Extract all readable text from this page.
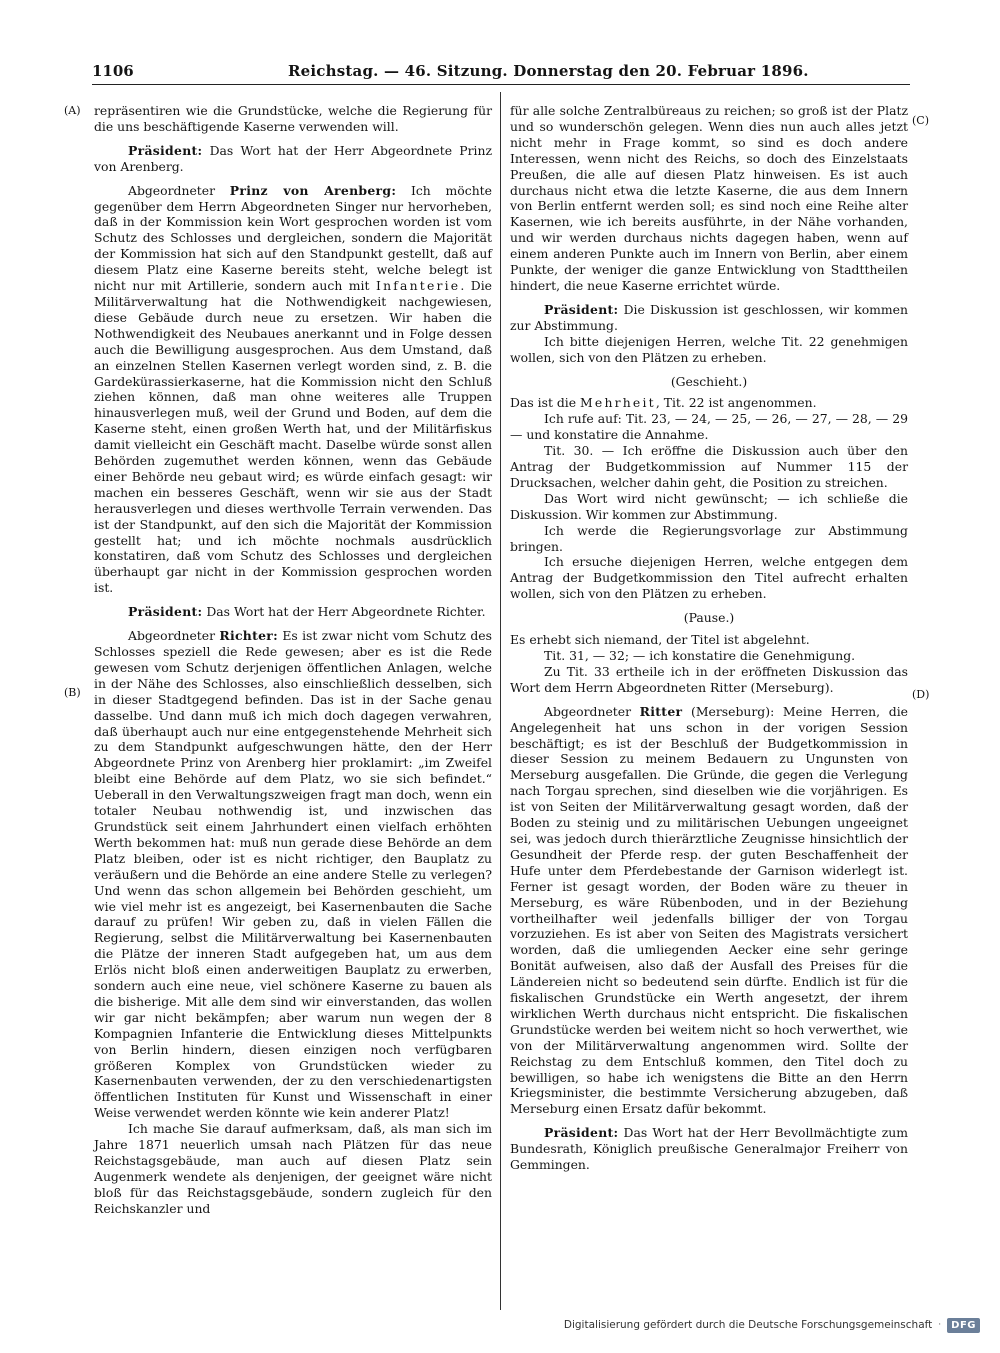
1106	Reichstag. — 46. Sitzung. Donnerstag den 20. Februar 1896.
(A)
(B)
(C)
(D)

repräsentiren wie die Grundstücke, welche die Regierung für die uns beschäftigende Kaserne verwenden will.

Präsident: Das Wort hat der Herr Abgeordnete Prinz von Arenberg.

Abgeordneter Prinz von Arenberg: Ich möchte gegenüber dem Herrn Abgeordneten Singer nur hervorheben, daß in der Kommission kein Wort gesprochen worden ist vom Schutz des Schlosses und dergleichen, sondern die Majorität der Kommission hat sich auf den Standpunkt gestellt, daß auf diesem Platz eine Kaserne bereits steht, welche belegt ist nicht nur mit Artillerie, sondern auch mit Infanterie. Die Militärverwaltung hat die Nothwendigkeit nachgewiesen, diese Gebäude durch neue zu ersetzen. Wir haben die Nothwendigkeit des Neubaues anerkannt und in Folge dessen auch die Bewilligung ausgesprochen. Aus dem Umstand, daß an einzelnen Stellen Kasernen verlegt worden sind, z. B. die Gardekürassierkaserne, hat die Kommission nicht den Schluß ziehen können, daß man ohne weiteres alle Truppen hinausverlegen muß, weil der Grund und Boden, auf dem die Kaserne steht, einen großen Werth hat, und der Militärfiskus damit vielleicht ein Geschäft macht. Daselbe würde sonst allen Behörden zugemuthet werden können, wenn das Gebäude einer Behörde neu gebaut wird; es würde einfach gesagt: wir machen ein besseres Geschäft, wenn wir sie aus der Stadt herausverlegen und dieses werthvolle Terrain verwenden. Das ist der Standpunkt, auf den sich die Majorität der Kommission gestellt hat; und ich möchte nochmals ausdrücklich konstatiren, daß vom Schutz des Schlosses und dergleichen überhaupt gar nicht in der Kommission gesprochen worden ist.

Präsident: Das Wort hat der Herr Abgeordnete Richter.

Abgeordneter Richter: Es ist zwar nicht vom Schutz des Schlosses speziell die Rede gewesen; aber es ist die Rede gewesen vom Schutz derjenigen öffentlichen Anlagen, welche in der Nähe des Schlosses, also einschließlich desselben, sich in dieser Stadtgegend befinden. Das ist in der Sache genau dasselbe. Und dann muß ich mich doch dagegen verwahren, daß überhaupt auch nur eine entgegenstehende Mehrheit sich zu dem Standpunkt aufgeschwungen hätte, den der Herr Abgeordnete Prinz von Arenberg hier proklamirt: „im Zweifel bleibt eine Behörde auf dem Platz, wo sie sich befindet.“ Ueberall in den Verwaltungszweigen fragt man doch, wenn ein totaler Neubau nothwendig ist, und inzwischen das Grundstück seit einem Jahrhundert einen vielfach erhöhten Werth bekommen hat: muß nun gerade diese Behörde an dem Platz bleiben, oder ist es nicht richtiger, den Bauplatz zu veräußern und die Behörde an eine andere Stelle zu verlegen? Und wenn das schon allgemein bei Behörden geschieht, um wie viel mehr ist es angezeigt, bei Kasernenbauten die Sache darauf zu prüfen! Wir geben zu, daß in vielen Fällen die Regierung, selbst die Militärverwaltung bei Kasernenbauten die Plätze der inneren Stadt aufgegeben hat, um aus dem Erlös nicht bloß einen anderweitigen Bauplatz zu erwerben, sondern auch eine neue, viel schönere Kaserne zu bauen als die bisherige. Mit alle dem sind wir einverstanden, das wollen wir gar nicht bekämpfen; aber warum nun wegen der 8 Kompagnien Infanterie die Entwicklung dieses Mittelpunkts von Berlin hindern, diesen einzigen noch verfügbaren größeren Komplex von Grundstücken wieder zu Kasernenbauten verwenden, der zu den verschiedenartigsten öffentlichen Instituten für Kunst und Wissenschaft in einer Weise verwendet werden könnte wie kein anderer Platz!

Ich mache Sie darauf aufmerksam, daß, als man sich im Jahre 1871 neuerlich umsah nach Plätzen für das neue Reichstagsgebäude, man auch auf diesen Platz sein Augenmerk wendete als denjenigen, der geeignet wäre nicht bloß für das Reichstagsgebäude, sondern zugleich für den Reichskanzler und

für alle solche Zentralbüreaus zu reichen; so groß ist der Platz und so wunderschön gelegen. Wenn dies nun auch alles jetzt nicht mehr in Frage kommt, so sind es doch andere Interessen, wenn nicht des Reichs, so doch des Einzelstaats Preußen, die alle auf diesen Platz hinweisen. Es ist auch durchaus nicht etwa die letzte Kaserne, die aus dem Innern von Berlin entfernt werden soll; es sind noch eine Reihe alter Kasernen, wie ich bereits ausführte, in der Nähe vorhanden, und wir werden durchaus nichts dagegen haben, wenn auf einem anderen Punkte auch im Innern von Berlin, aber einem Punkte, der weniger die ganze Entwicklung von Stadttheilen hindert, die neue Kaserne errichtet würde.

Präsident: Die Diskussion ist geschlossen, wir kommen zur Abstimmung.

Ich bitte diejenigen Herren, welche Tit. 22 genehmigen wollen, sich von den Plätzen zu erheben.

(Geschieht.)

Das ist die Mehrheit, Tit. 22 ist angenommen.

Ich rufe auf: Tit. 23, — 24, — 25, — 26, — 27, — 28, — 29 — und konstatire die Annahme.

Tit. 30. — Ich eröffne die Diskussion auch über den Antrag der Budgetkommission auf Nummer 115 der Drucksachen, welcher dahin geht, die Position zu streichen.

Das Wort wird nicht gewünscht; — ich schließe die Diskussion. Wir kommen zur Abstimmung.

Ich werde die Regierungsvorlage zur Abstimmung bringen.

Ich ersuche diejenigen Herren, welche entgegen dem Antrag der Budgetkommission den Titel aufrecht erhalten wollen, sich von den Plätzen zu erheben.

(Pause.)

Es erhebt sich niemand, der Titel ist abgelehnt.

Tit. 31, — 32; — ich konstatire die Genehmigung.

Zu Tit. 33 ertheile ich in der eröffneten Diskussion das Wort dem Herrn Abgeordneten Ritter (Merseburg).

Abgeordneter Ritter (Merseburg): Meine Herren, die Angelegenheit hat uns schon in der vorigen Session beschäftigt; es ist der Beschluß der Budgetkommission in dieser Session zu meinem Bedauern zu Ungunsten von Merseburg ausgefallen. Die Gründe, die gegen die Verlegung nach Torgau sprechen, sind dieselben wie die vorjährigen. Es ist von Seiten der Militärverwaltung gesagt worden, daß der Boden zu steinig und zu militärischen Uebungen ungeeignet sei, was jedoch durch thierärztliche Zeugnisse hinsichtlich der Gesundheit der Pferde resp. der guten Beschaffenheit der Hufe unter dem Pferdebestande der Garnison widerlegt ist. Ferner ist gesagt worden, der Boden wäre zu theuer in Merseburg, es wäre Rübenboden, und in der Beziehung vortheilhafter weil jedenfalls billiger der von Torgau vorzuziehen. Es ist aber von Seiten des Magistrats versichert worden, daß die umliegenden Aecker eine sehr geringe Bonität aufweisen, also daß der Ausfall des Preises für die Ländereien nicht so bedeutend sein dürfte. Endlich ist für die fiskalischen Grundstücke ein Werth angesetzt, der ihrem wirklichen Werth durchaus nicht entspricht. Die fiskalischen Grundstücke werden bei weitem nicht so hoch verwerthet, wie von der Militärverwaltung angenommen wird. Sollte der Reichstag zu dem Entschluß kommen, den Titel doch zu bewilligen, so habe ich wenigstens die Bitte an den Herrn Kriegsminister, die bestimmte Versicherung abzugeben, daß Merseburg einen Ersatz dafür bekommt.

Präsident: Das Wort hat der Herr Bevollmächtigte zum Bundesrath, Königlich preußische Generalmajor Freiherr von Gemmingen.

Digitalisierung gefördert durch die Deutsche Forschungsgemeinschaft ·	DFG
